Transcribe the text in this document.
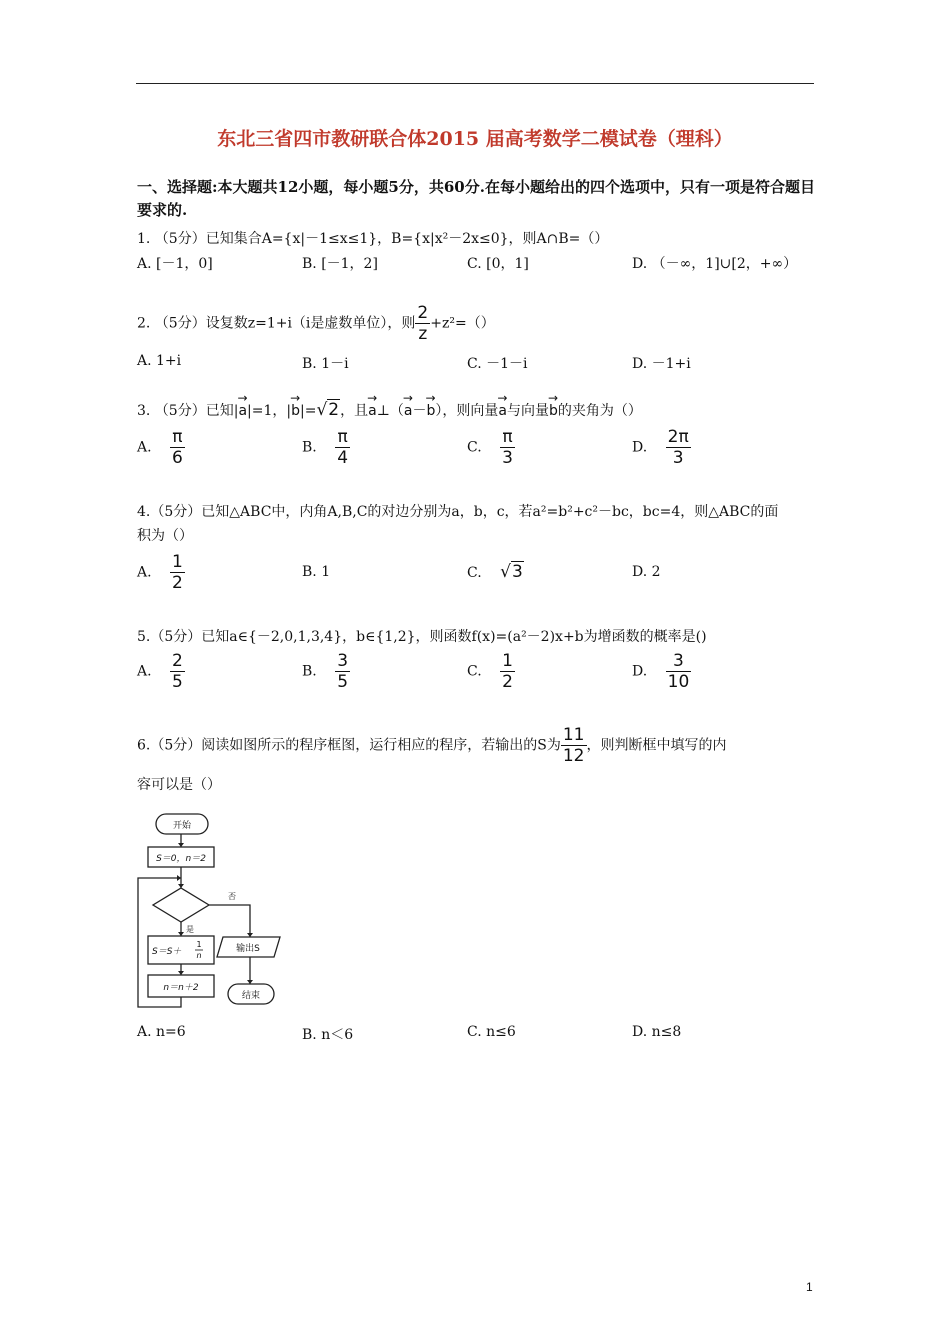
东北三省四市教研联合体2015 届高考数学二模试卷（理科）
一、选择题:本大题共12小题，每小题5分，共60分.在每小题给出的四个选项中，只有一项是符合题目要求的.
1. （5分）已知集合A={x|－1≤x≤1}，B={x|x²－2x≤0}，则A∩B=（）
A. [－1，0]	B. [－1，2]	C. [0，1]	D. （－∞，1]∪[2，+∞）
2. （5分）设复数z=1+i（i是虚数单位），则 $\frac{2}{z} +z^2=()$
A. 1+i	B. 1－i	C. －1－i	D. －1+i
3. （5分）已知|→ a|=1，|→ b|=√2，且→ a⊥（→ a－→ b），则向量→ a与向量→ b的夹角为（）
A. $\frac{\pi}{6}$	B. $\frac{\pi}{4}$	C. $\frac{\pi}{3}$	D. $\frac{2\pi}{3}$
4.（5分）已知△ABC中，内角A,B,C的对边分别为a，b，c，若a²=b²+c²－bc，bc=4，则△ABC的面
积为（）
A. $\frac{1}{2}$	B. 1	C. √3	D. 2
5.（5分）已知a∈{－2,0,1,3,4}，b∈{1,2}，则函数f(x)=(a²－2)x+b为增函数的概率是()
A. $\frac{2}{5}$	B. $\frac{3}{5}$	C. $\frac{1}{2}$	D. $\frac{3}{10}$
6.（5分）阅读如图所示的程序框图，运行相应的程序，若输出的S为 $\frac{11}{12}$ ，则判断框中填写的内
容可以是（）
开始
S＝0，n＝2
是
否
S＝S＋
1
n
n＝n＋2
输出S
结束
A. n=6	B. n＜6	C. n≤6	D. n≤8
1
